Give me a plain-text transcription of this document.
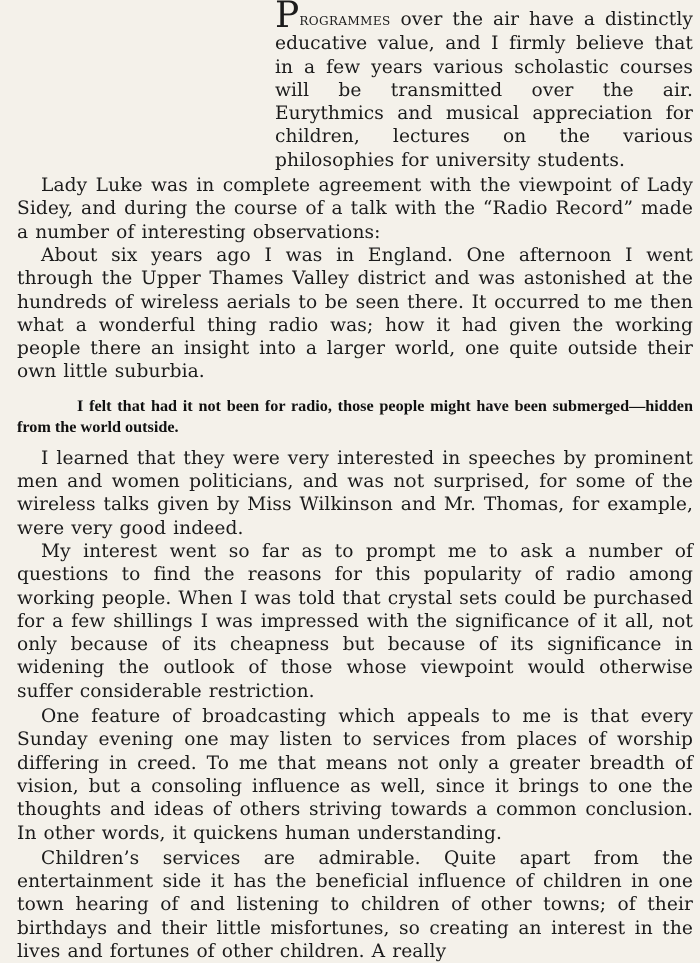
Programmes over the air have a distinctly educative value, and I firmly believe that in a few years various scholastic courses will be transmitted over the air. Eurythmics and musical appreciation for children, lectures on the various philosophies for university students.

Lady Luke was in complete agreement with the viewpoint of Lady Sidey, and during the course of a talk with the “Radio Record” made a number of interesting observations:

About six years ago I was in England. One afternoon I went through the Upper Thames Valley district and was astonished at the hundreds of wireless aerials to be seen there. It occurred to me then what a wonderful thing radio was; how it had given the working people there an insight into a larger world, one quite outside their own little suburbia.

I felt that had it not been for radio, those people might have been submerged—hidden from the world outside.

I learned that they were very interested in speeches by prominent men and women politicians, and was not surprised, for some of the wireless talks given by Miss Wilkinson and Mr. Thomas, for example, were very good indeed.

My interest went so far as to prompt me to ask a number of questions to find the reasons for this popularity of radio among working people. When I was told that crystal sets could be purchased for a few shillings I was impressed with the significance of it all, not only because of its cheapness but because of its significance in widening the outlook of those whose viewpoint would otherwise suffer considerable restriction.

One feature of broadcasting which appeals to me is that every Sunday evening one may listen to services from places of worship differing in creed. To me that means not only a greater breadth of vision, but a consoling influence as well, since it brings to one the thoughts and ideas of others striving towards a common conclusion. In other words, it quickens human understanding.

Children’s services are admirable. Quite apart from the entertainment side it has the beneficial influence of children in one town hearing of and listening to children of other towns; of their birthdays and their little misfortunes, so creating an interest in the lives and fortunes of other children. A really
